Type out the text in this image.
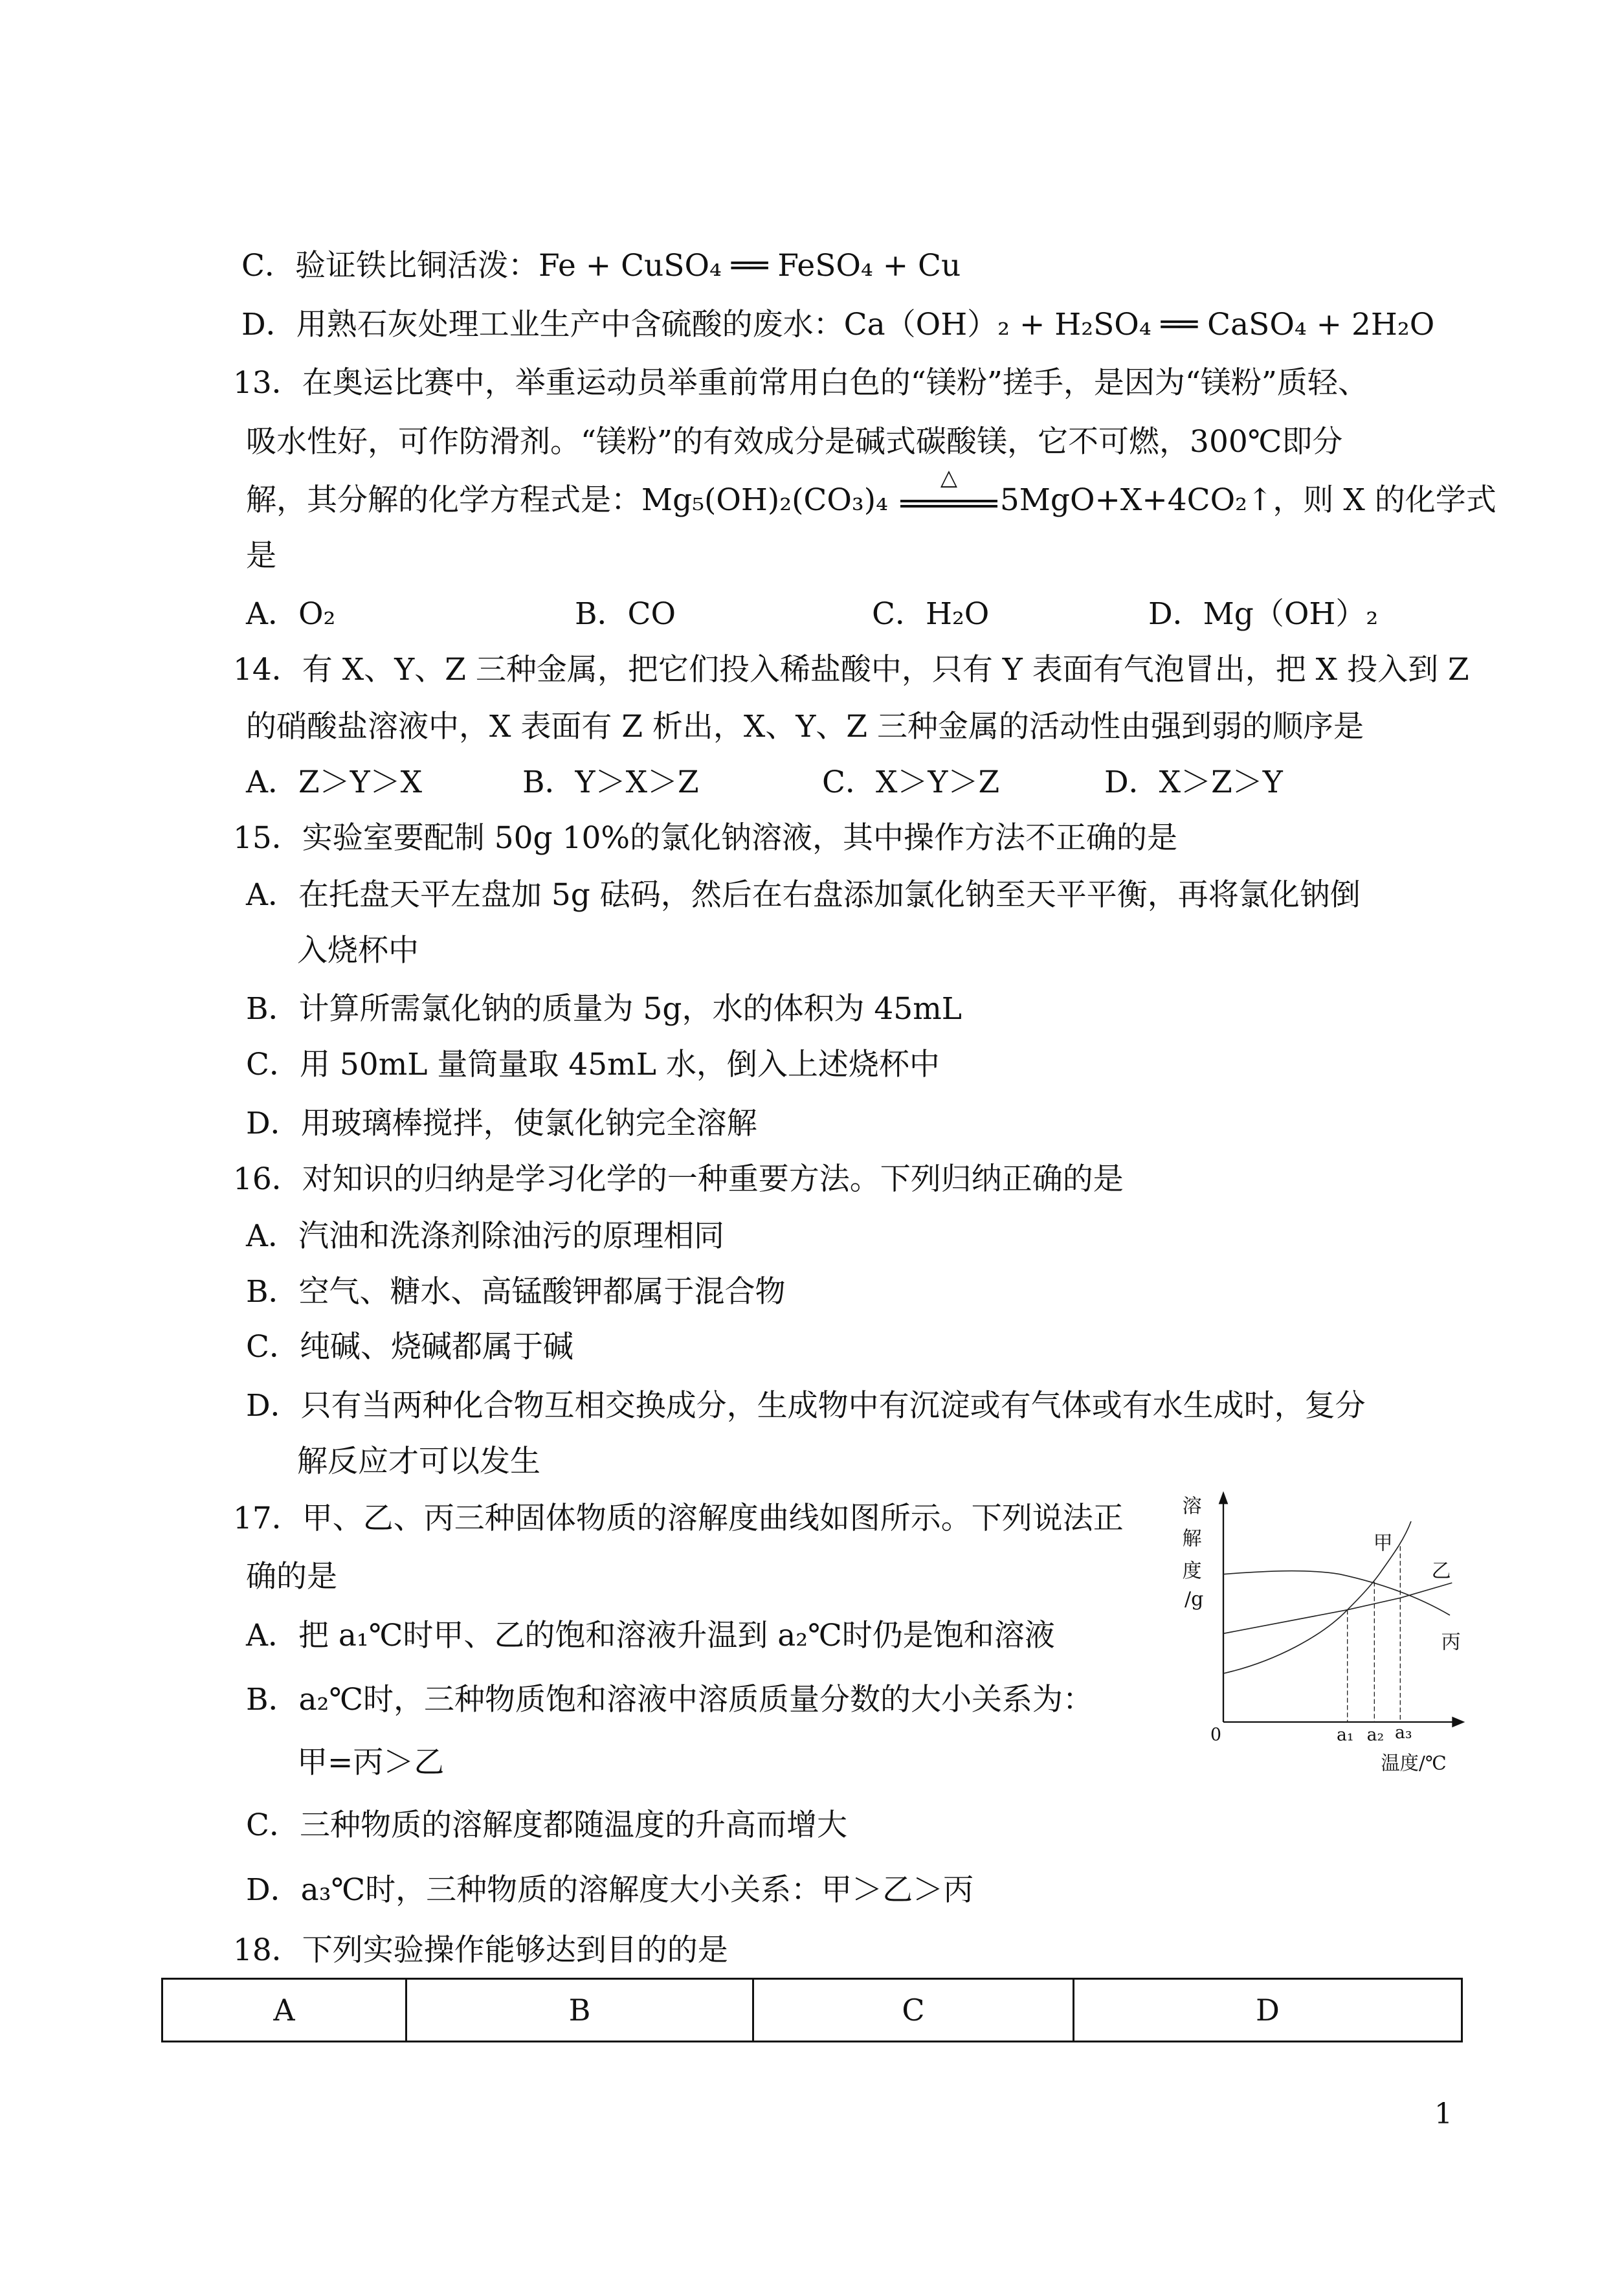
C．验证铁比铜活泼：Fe + CuSO₄ ══ FeSO₄ + Cu
D．用熟石灰处理工业生产中含硫酸的废水：Ca（OH）₂ + H₂SO₄ ══ CaSO₄ + 2H₂O
13．在奥运比赛中，举重运动员举重前常用白色的“镁粉”搓手，是因为“镁粉”质轻、
吸水性好，可作防滑剂。“镁粉”的有效成分是碱式碳酸镁，它不可燃，300℃即分
解，其分解的化学方程式是：Mg₅(OH)₂(CO₃)₄
△
5MgO+X+4CO₂↑，则 X 的化学式
是
A．O₂	B．CO	C．H₂O	D．Mg（OH）₂
14．有 X、Y、Z 三种金属，把它们投入稀盐酸中，只有 Y 表面有气泡冒出，把 X 投入到 Z
的硝酸盐溶液中，X 表面有 Z 析出，X、Y、Z 三种金属的活动性由强到弱的顺序是
A．Z＞Y＞X	B．Y＞X＞Z	C．X＞Y＞Z	D．X＞Z＞Y
15．实验室要配制 50g 10%的氯化钠溶液，其中操作方法不正确的是
A．在托盘天平左盘加 5g 砝码，然后在右盘添加氯化钠至天平平衡，再将氯化钠倒
入烧杯中
B．计算所需氯化钠的质量为 5g，水的体积为 45mL
C．用 50mL 量筒量取 45mL 水，倒入上述烧杯中
D．用玻璃棒搅拌，使氯化钠完全溶解
16．对知识的归纳是学习化学的一种重要方法。下列归纳正确的是
A．汽油和洗涤剂除油污的原理相同
B．空气、糖水、高锰酸钾都属于混合物
C．纯碱、烧碱都属于碱
D．只有当两种化合物互相交换成分，生成物中有沉淀或有气体或有水生成时，复分
解反应才可以发生
17．甲、乙、丙三种固体物质的溶解度曲线如图所示。下列说法正
确的是
A．把 a₁℃时甲、乙的饱和溶液升温到 a₂℃时仍是饱和溶液
B．a₂℃时，三种物质饱和溶液中溶质质量分数的大小关系为：
甲=丙＞乙
C．三种物质的溶解度都随温度的升高而增大
D．a₃℃时，三种物质的溶解度大小关系：甲＞乙＞丙
溶
解
度
/g
0 a₁ a₂ a₃
温度/℃
甲
乙
丙
18．下列实验操作能够达到目的的是
A	B	C	D
1
